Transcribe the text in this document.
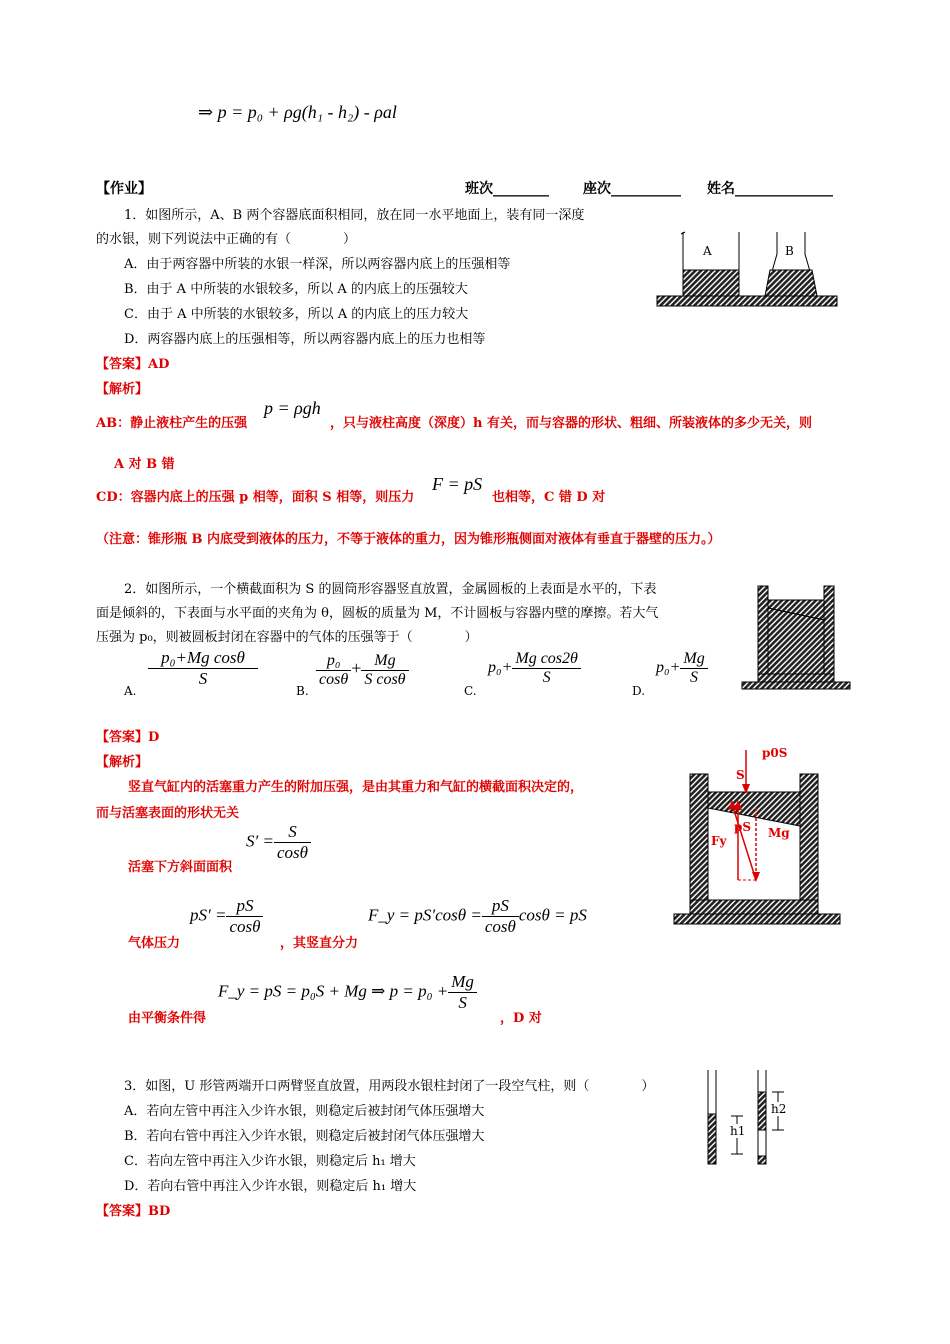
⇒ p = p₀ + ρg(h₁ - h₂) - ρal
【作业】	班次________ 座次__________ 姓名______________
1．如图所示，A、B 两个容器底面积相同，放在同一水平地面上，装有同一深度
的水银，则下列说法中正确的有（　　　　）
A．由于两容器中所装的水银一样深，所以两容器内底上的压强相等
B．由于 A 中所装的水银较多，所以 A 的内底上的压强较大
C．由于 A 中所装的水银较多，所以 A 的内底上的压力较大
D．两容器内底上的压强相等，所以两容器内底上的压力也相等
A	B
【答案】AD
【解析】
AB：静止液柱产生的压强
p = ρgh
，只与液柱高度（深度）h 有关，而与容器的形状、粗细、所装液体的多少无关，则
A 对 B 错
CD：容器内底上的压强 p 相等，面积 S 相等，则压力
F = pS
也相等，C 错 D 对
（注意：锥形瓶 B 内底受到液体的压力，不等于液体的重力，因为锥形瓶侧面对液体有垂直于器壁的压力。）
2．如图所示，一个横截面积为 S 的圆筒形容器竖直放置，金属圆板的上表面是水平的，下表
面是倾斜的，下表面与水平面的夹角为 θ，圆板的质量为 M，不计圆板与容器内壁的摩擦。若大气
压强为 p₀，则被圆板封闭在容器中的气体的压强等于（　　　　）
A.
$\frac{\text{p₀+Mg cosθ}}{S}$
B.
$\frac{\text{p₀}}{\cos\theta} + \frac{Mg}{\text{S cosθ}}$
C.
$p_0+ \frac{\text{Mg cos2θ}}{S}$
D.
$p_0+ \frac{Mg}{S}$
【答案】D
【解析】
竖直气缸内的活塞重力产生的附加压强，是由其重力和气缸的横截面积决定的，
而与活塞表面的形状无关
$S' = \frac{S}{\cos\theta}$
活塞下方斜面面积
$pS' = \frac{pS}{\cos\theta}$
气体压力	，其竖直分力
F_y = $pS'\cos\theta = \frac{pS}{\cos\theta}$ cosθ = pS
F_y = pS = p₀S + Mg ⇒ $p = p_0 + \frac{Mg}{S}$
由平衡条件得	，D 对
p0S
S
pS
Fy
Mg
3．如图，U 形管两端开口两臂竖直放置，用两段水银柱封闭了一段空气柱，则（　　　　）
A．若向左管中再注入少许水银，则稳定后被封闭气体压强增大
B．若向右管中再注入少许水银，则稳定后被封闭气体压强增大
C．若向左管中再注入少许水银，则稳定后 h₁ 增大
D．若向右管中再注入少许水银，则稳定后 h₁ 增大
【答案】BD
h1
h2
